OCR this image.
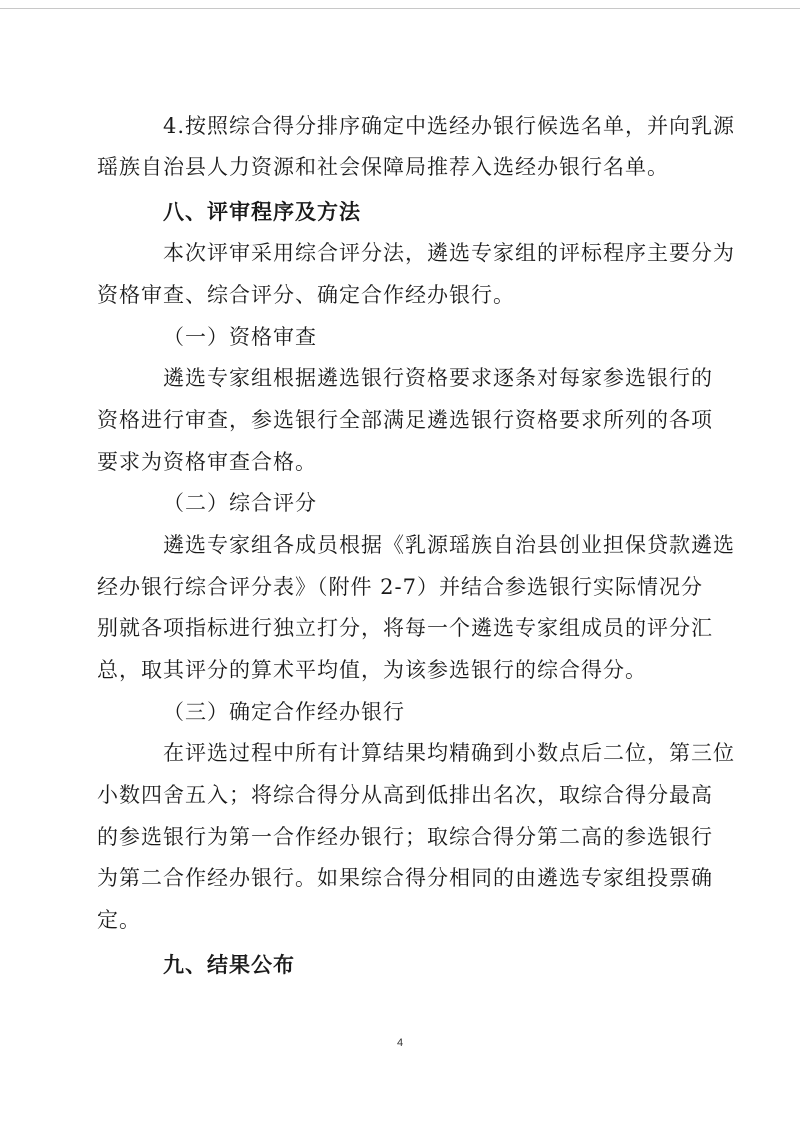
4.按照综合得分排序确定中选经办银行候选名单，并向乳源
瑶族自治县人力资源和社会保障局推荐入选经办银行名单。
八、评审程序及方法
本次评审采用综合评分法，遴选专家组的评标程序主要分为
资格审查、综合评分、确定合作经办银行。
（一）资格审查
遴选专家组根据遴选银行资格要求逐条对每家参选银行的
资格进行审查，参选银行全部满足遴选银行资格要求所列的各项
要求为资格审查合格。
（二）综合评分
遴选专家组各成员根据《乳源瑶族自治县创业担保贷款遴选
经办银行综合评分表》（附件 2-7）并结合参选银行实际情况分
别就各项指标进行独立打分，将每一个遴选专家组成员的评分汇
总，取其评分的算术平均值，为该参选银行的综合得分。
（三）确定合作经办银行
在评选过程中所有计算结果均精确到小数点后二位，第三位
小数四舍五入；将综合得分从高到低排出名次，取综合得分最高
的参选银行为第一合作经办银行；取综合得分第二高的参选银行
为第二合作经办银行。如果综合得分相同的由遴选专家组投票确
定。
九、结果公布
4
